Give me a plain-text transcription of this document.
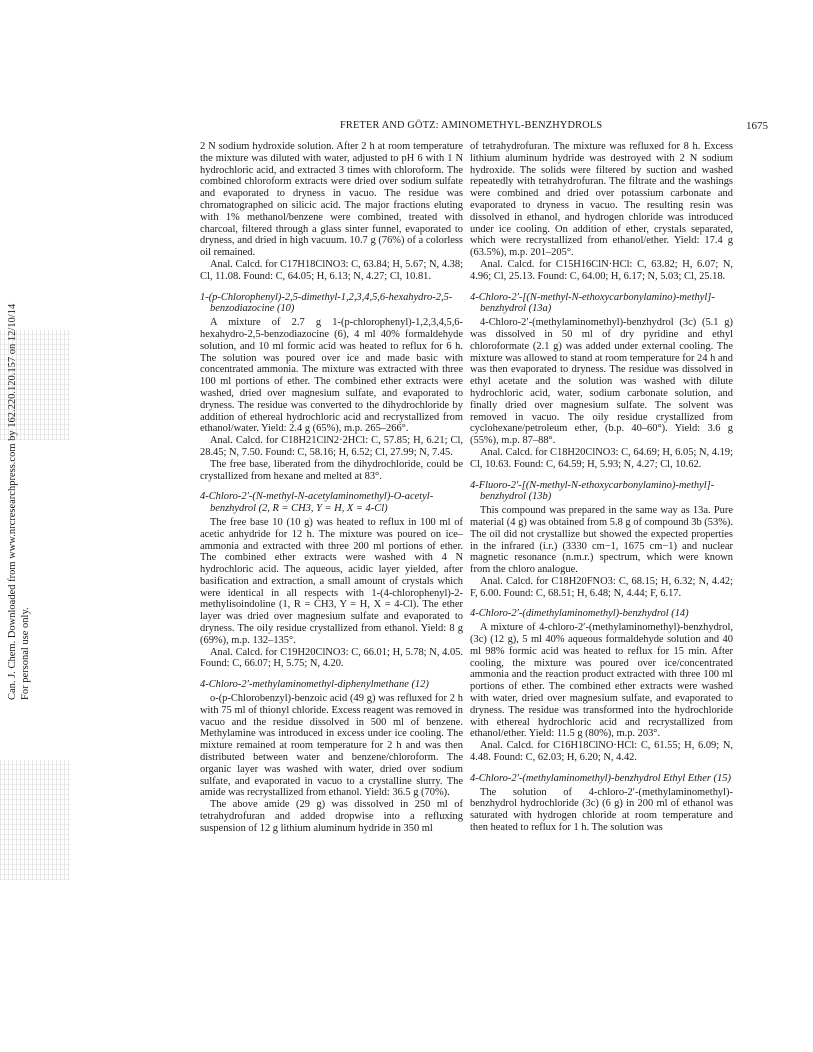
Can. J. Chem. Downloaded from www.nrcresearchpress.com by 162.220.120.157 on 12/10/14 For personal use only.
FRETER AND GÖTZ: AMINOMETHYL-BENZHYDROLS	1675

2 N sodium hydroxide solution. After 2 h at room temperature the mixture was diluted with water, adjusted to pH 6 with 1 N hydrochloric acid, and extracted 3 times with chloroform. The combined chloroform extracts were dried over sodium sulfate and evaporated to dryness in vacuo. The residue was chromatographed on silicic acid. The major fractions eluting with 1% methanol/benzene were combined, treated with charcoal, filtered through a glass sinter funnel, evaporated to dryness, and dried in high vacuum. 10.7 g (76%) of a colorless oil remained.

Anal. Calcd. for C17H18ClNO3: C, 63.84; H, 5.67; N, 4.38; Cl, 11.08. Found: C, 64.05; H, 6.13; N, 4.27; Cl, 10.81.

1-(p-Chlorophenyl)-2,5-dimethyl-1,2,3,4,5,6-hexahydro-2,5-benzodiazocine (10)

A mixture of 2.7 g 1-(p-chlorophenyl)-1,2,3,4,5,6-hexahydro-2,5-benzodiazocine (6), 4 ml 40% formaldehyde solution, and 10 ml formic acid was heated to reflux for 6 h. The solution was poured over ice and made basic with concentrated ammonia. The mixture was extracted with three 100 ml portions of ether. The combined ether extracts were washed, dried over magnesium sulfate, and evaporated to dryness. The residue was converted to the dihydrochloride by addition of ethereal hydrochloric acid and recrystallized from ethanol/water. Yield: 2.4 g (65%), m.p. 265–266°.

Anal. Calcd. for C18H21ClN2·2HCl: C, 57.85; H, 6.21; Cl, 28.45; N, 7.50. Found: C, 58.16; H, 6.52; Cl, 27.99; N, 7.45.

The free base, liberated from the dihydrochloride, could be crystallized from hexane and melted at 83°.

4-Chloro-2′-(N-methyl-N-acetylaminomethyl)-O-acetyl-benzhydrol (2, R = CH3, Y = H, X = 4-Cl)

The free base 10 (10 g) was heated to reflux in 100 ml of acetic anhydride for 12 h. The mixture was poured on ice–ammonia and extracted with three 200 ml portions of ether. The combined ether extracts were washed with 4 N hydrochloric acid. The aqueous, acidic layer yielded, after basification and extraction, a small amount of crystals which were identical in all respects with 1-(4-chlorophenyl)-2-methylisoindoline (1, R = CH3, Y = H, X = 4-Cl). The ether layer was dried over magnesium sulfate and evaporated to dryness. The oily residue crystallized from ethanol. Yield: 8 g (69%), m.p. 132–135°.

Anal. Calcd. for C19H20ClNO3: C, 66.01; H, 5.78; N, 4.05. Found: C, 66.07; H, 5.75; N, 4.20.

4-Chloro-2′-methylaminomethyl-diphenylmethane (12)

o-(p-Chlorobenzyl)-benzoic acid (49 g) was refluxed for 2 h with 75 ml of thionyl chloride. Excess reagent was removed in vacuo and the residue dissolved in 500 ml of benzene. Methylamine was introduced in excess under ice cooling. The mixture remained at room temperature for 2 h and was then distributed between water and benzene/chloroform. The organic layer was washed with water, dried over sodium sulfate, and evaporated in vacuo to a crystalline slurry. The amide was recrystallized from ethanol. Yield: 36.5 g (70%).

The above amide (29 g) was dissolved in 250 ml of tetrahydrofuran and added dropwise into a refluxing suspension of 12 g lithium aluminum hydride in 350 ml

of tetrahydrofuran. The mixture was refluxed for 8 h. Excess lithium aluminum hydride was destroyed with 2 N sodium hydroxide. The solids were filtered by suction and washed repeatedly with tetrahydrofuran. The filtrate and the washings were combined and dried over potassium carbonate and evaporated to dryness in vacuo. The resulting resin was dissolved in ethanol, and hydrogen chloride was introduced under ice cooling. On addition of ether, crystals separated, which were recrystallized from ethanol/ether. Yield: 17.4 g (63.5%), m.p. 201–205°.

Anal. Calcd. for C15H16ClN·HCl: C, 63.82; H, 6.07; N, 4.96; Cl, 25.13. Found: C, 64.00; H, 6.17; N, 5.03; Cl, 25.18.

4-Chloro-2′-[(N-methyl-N-ethoxycarbonylamino)-methyl]-benzhydrol (13a)

4-Chloro-2′-(methylaminomethyl)-benzhydrol (3c) (5.1 g) was dissolved in 50 ml of dry pyridine and ethyl chloroformate (2.1 g) was added under external cooling. The mixture was allowed to stand at room temperature for 24 h and was then evaporated to dryness. The residue was dissolved in ethyl acetate and the solution was washed with dilute hydrochloric acid, water, sodium carbonate solution, and finally dried over magnesium sulfate. The solvent was removed in vacuo. The oily residue crystallized from cyclohexane/petroleum ether, (b.p. 40–60°). Yield: 3.6 g (55%), m.p. 87–88°.

Anal. Calcd. for C18H20ClNO3: C, 64.69; H, 6.05; N, 4.19; Cl, 10.63. Found: C, 64.59; H, 5.93; N, 4.27; Cl, 10.62.

4-Fluoro-2′-[(N-methyl-N-ethoxycarbonylamino)-methyl]-benzhydrol (13b)

This compound was prepared in the same way as 13a. Pure material (4 g) was obtained from 5.8 g of compound 3b (53%). The oil did not crystallize but showed the expected properties in the infrared (i.r.) (3330 cm−1, 1675 cm−1) and nuclear magnetic resonance (n.m.r.) spectrum, which were known from the chloro analogue.

Anal. Calcd. for C18H20FNO3: C, 68.15; H, 6.32; N, 4.42; F, 6.00. Found: C, 68.51; H, 6.48; N, 4.44; F, 6.17.

4-Chloro-2′-(dimethylaminomethyl)-benzhydrol (14)

A mixture of 4-chloro-2′-(methylaminomethyl)-benzhydrol, (3c) (12 g), 5 ml 40% aqueous formaldehyde solution and 40 ml 98% formic acid was heated to reflux for 15 min. After cooling, the mixture was poured over ice/concentrated ammonia and the reaction product extracted with three 100 ml portions of ether. The combined ether extracts were washed with water, dried over magnesium sulfate, and evaporated to dryness. The residue was transformed into the hydrochloride with ethereal hydrochloric acid and recrystallized from ethanol/ether. Yield: 11.5 g (80%), m.p. 203°.

Anal. Calcd. for C16H18ClNO·HCl: C, 61.55; H, 6.09; N, 4.48. Found: C, 62.03; H, 6.20; N, 4.42.

4-Chloro-2′-(methylaminomethyl)-benzhydrol Ethyl Ether (15)

The solution of 4-chloro-2′-(methylaminomethyl)-benzhydrol hydrochloride (3c) (6 g) in 200 ml of ethanol was saturated with hydrogen chloride at room temperature and then heated to reflux for 1 h. The solution was
